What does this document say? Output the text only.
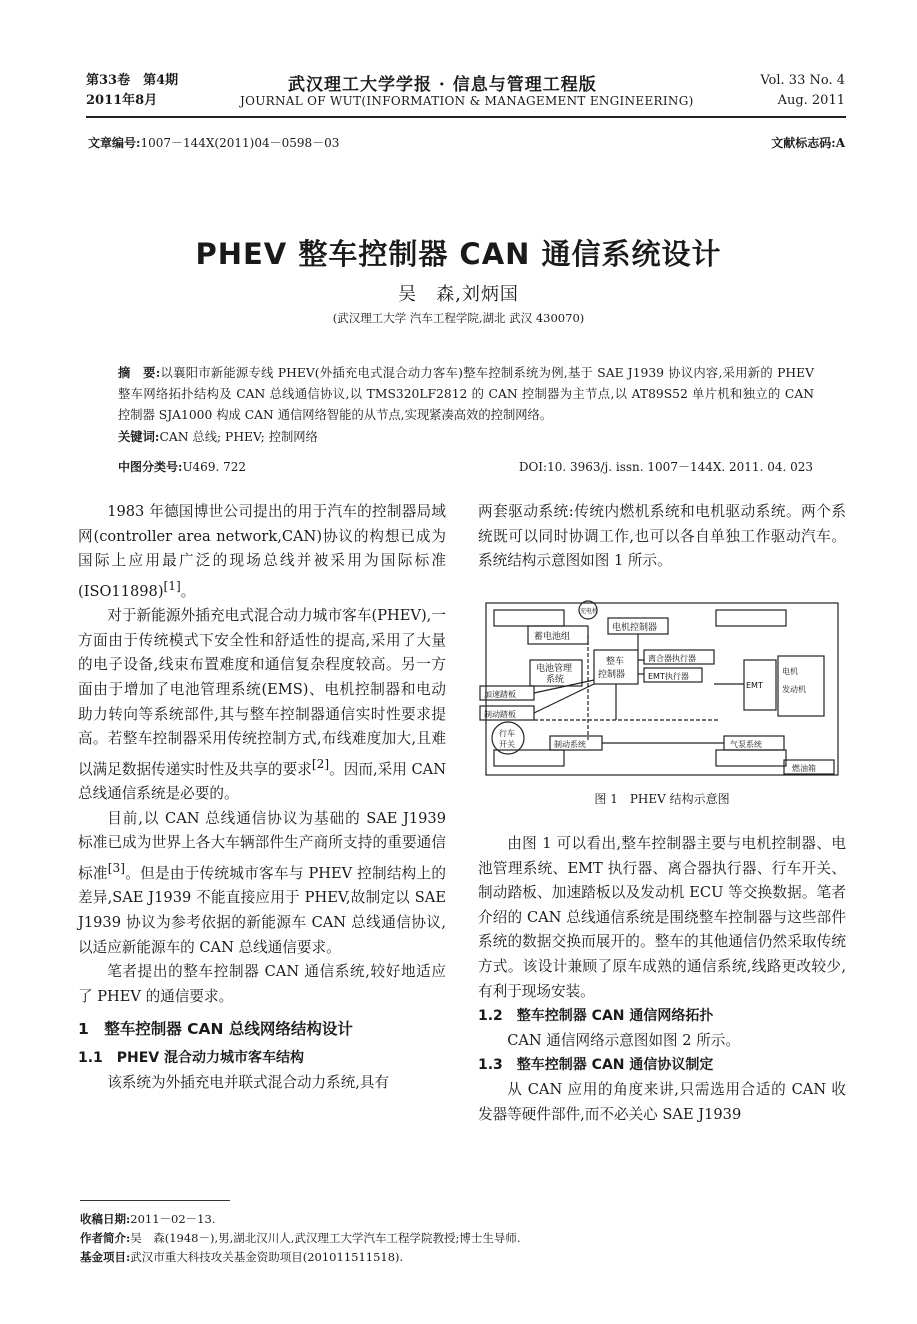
第33卷　第4期
2011年8月
武汉理工大学学报 · 信息与管理工程版
JOURNAL OF WUT(INFORMATION & MANAGEMENT ENGINEERING)
Vol. 33 No. 4
Aug. 2011
文章编号:1007－144X(2011)04－0598－03	文献标志码:A
PHEV 整车控制器 CAN 通信系统设计
吴　森,刘炳国
(武汉理工大学 汽车工程学院,湖北 武汉 430070)

摘　要:以襄阳市新能源专线 PHEV(外插充电式混合动力客车)整车控制系统为例,基于 SAE J1939 协议内容,采用新的 PHEV 整车网络拓扑结构及 CAN 总线通信协议,以 TMS320LF2812 的 CAN 控制器为主节点,以 AT89S52 单片机和独立的 CAN 控制器 SJA1000 构成 CAN 通信网络智能的从节点,实现紧凑高效的控制网络。

关键词:CAN 总线; PHEV; 控制网络

中图分类号:U469. 722	DOI:10. 3963/j. issn. 1007－144X. 2011. 04. 023

1983 年德国博世公司提出的用于汽车的控制器局域网(controller area network,CAN)协议的构想已成为国际上应用最广泛的现场总线并被采用为国际标准(ISO11898)[1]。

对于新能源外插充电式混合动力城市客车(PHEV),一方面由于传统模式下安全性和舒适性的提高,采用了大量的电子设备,线束布置难度和通信复杂程度较高。另一方面由于增加了电池管理系统(EMS)、电机控制器和电动助力转向等系统部件,其与整车控制器通信实时性要求提高。若整车控制器采用传统控制方式,布线难度加大,且难以满足数据传递实时性及共享的要求[2]。因而,采用 CAN 总线通信系统是必要的。

目前,以 CAN 总线通信协议为基础的 SAE J1939 标准已成为世界上各大车辆部件生产商所支持的重要通信标准[3]。但是由于传统城市客车与 PHEV 控制结构上的差异,SAE J1939 不能直接应用于 PHEV,故制定以 SAE J1939 协议为参考依据的新能源车 CAN 总线通信协议,以适应新能源车的 CAN 总线通信要求。

笔者提出的整车控制器 CAN 通信系统,较好地适应了 PHEV 的通信要求。

1　整车控制器 CAN 总线网络结构设计

1.1　PHEV 混合动力城市客车结构

该系统为外插充电并联式混合动力系统,具有

两套驱动系统:传统内燃机系统和电机驱动系统。两个系统既可以同时协调工作,也可以各自单独工作驱动汽车。系统结构示意图如图 1 所示。

充电机
蓄电池组
电机控制器
电池管理
系统
整车
控制器
离合器执行器
EMT执行器
EMT
电机
发动机
加速踏板
制动踏板
行车
开关	制动系统	气泵系统
燃油箱
图 1　PHEV 结构示意图

由图 1 可以看出,整车控制器主要与电机控制器、电池管理系统、EMT 执行器、离合器执行器、行车开关、制动踏板、加速踏板以及发动机 ECU 等交换数据。笔者介绍的 CAN 总线通信系统是围绕整车控制器与这些部件系统的数据交换而展开的。整车的其他通信仍然采取传统方式。该设计兼顾了原车成熟的通信系统,线路更改较少,有利于现场安装。

1.2　整车控制器 CAN 通信网络拓扑

CAN 通信网络示意图如图 2 所示。

1.3　整车控制器 CAN 通信协议制定

从 CAN 应用的角度来讲,只需选用合适的 CAN 收发器等硬件部件,而不必关心 SAE J1939

收稿日期:2011－02－13.
作者简介:吴　森(1948－),男,湖北汉川人,武汉理工大学汽车工程学院教授;博士生导师.
基金项目:武汉市重大科技攻关基金资助项目(201011511518).
